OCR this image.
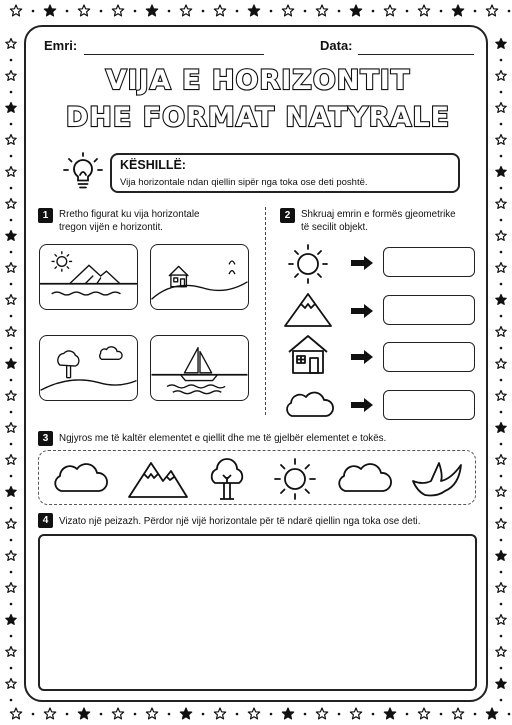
Emri:	Data:
VIJA E HORIZONTIT
DHE FORMAT NATYRALE
KËSHILLË:
Vija horizontale ndan qiellin sipër nga toka ose deti poshtë.
1	Rretho figurat ku vija horizontale
tregon vijën e horizontit.
2	Shkruaj emrin e formës gjeometrike
të secilit objekt.
3	Ngjyros me të kaltër elementet e qiellit dhe me të gjelbër elementet e tokës.
4	Vizato një peizazh. Përdor një vijë horizontale për të ndarë qiellin nga toka ose deti.
